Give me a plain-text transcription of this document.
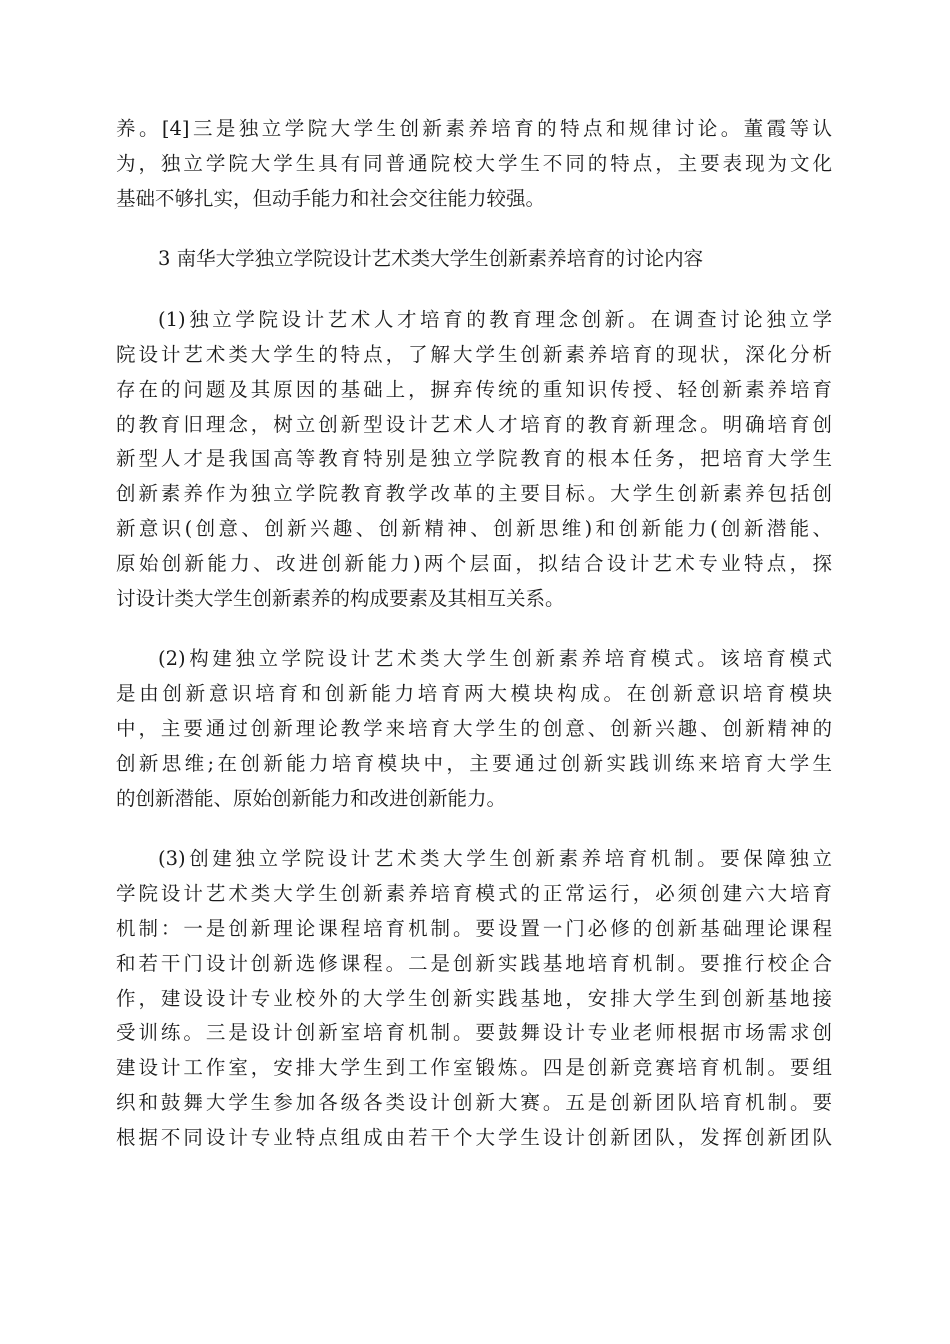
养。[4]三是独立学院大学生创新素养培育的特点和规律讨论。董霞等认
为，独立学院大学生具有同普通院校大学生不同的特点，主要表现为文化
基础不够扎实，但动手能力和社会交往能力较强。
3 南华大学独立学院设计艺术类大学生创新素养培育的讨论内容
(1)独立学院设计艺术人才培育的教育理念创新。在调查讨论独立学
院设计艺术类大学生的特点，了解大学生创新素养培育的现状，深化分析
存在的问题及其原因的基础上，摒弃传统的重知识传授、轻创新素养培育
的教育旧理念，树立创新型设计艺术人才培育的教育新理念。明确培育创
新型人才是我国高等教育特别是独立学院教育的根本任务，把培育大学生
创新素养作为独立学院教育教学改革的主要目标。大学生创新素养包括创
新意识(创意、创新兴趣、创新精神、创新思维)和创新能力(创新潜能、
原始创新能力、改进创新能力)两个层面，拟结合设计艺术专业特点，探
讨设计类大学生创新素养的构成要素及其相互关系。
(2)构建独立学院设计艺术类大学生创新素养培育模式。该培育模式
是由创新意识培育和创新能力培育两大模块构成。在创新意识培育模块
中，主要通过创新理论教学来培育大学生的创意、创新兴趣、创新精神的
创新思维;在创新能力培育模块中，主要通过创新实践训练来培育大学生
的创新潜能、原始创新能力和改进创新能力。
(3)创建独立学院设计艺术类大学生创新素养培育机制。要保障独立
学院设计艺术类大学生创新素养培育模式的正常运行，必须创建六大培育
机制：一是创新理论课程培育机制。要设置一门必修的创新基础理论课程
和若干门设计创新选修课程。二是创新实践基地培育机制。要推行校企合
作，建设设计专业校外的大学生创新实践基地，安排大学生到创新基地接
受训练。三是设计创新室培育机制。要鼓舞设计专业老师根据市场需求创
建设计工作室，安排大学生到工作室锻炼。四是创新竞赛培育机制。要组
织和鼓舞大学生参加各级各类设计创新大赛。五是创新团队培育机制。要
根据不同设计专业特点组成由若干个大学生设计创新团队，发挥创新团队
